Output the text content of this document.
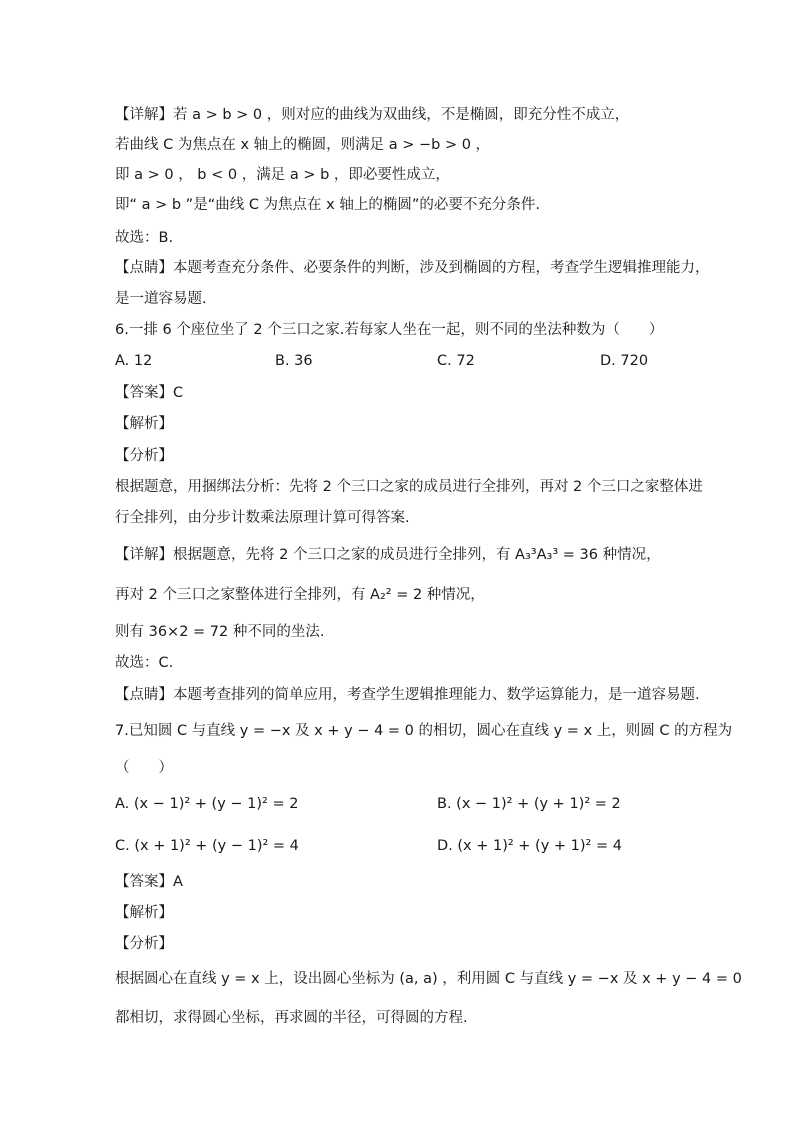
【详解】若 a > b > 0 ，则对应的曲线为双曲线，不是椭圆，即充分性不成立，
若曲线 C 为焦点在 x 轴上的椭圆，则满足 a > −b > 0 ，
即 a > 0 ， b < 0 ，满足 a > b ，即必要性成立，
即“ a > b ”是“曲线 C 为焦点在 x 轴上的椭圆”的必要不充分条件.
故选：B.
【点睛】本题考查充分条件、必要条件的判断，涉及到椭圆的方程，考查学生逻辑推理能力，
是一道容易题.
6.一排 6 个座位坐了 2 个三口之家.若每家人坐在一起，则不同的坐法种数为（　　）
A. 12	B. 36	C. 72	D. 720
【答案】C
【解析】
【分析】
根据题意，用捆绑法分析：先将 2 个三口之家的成员进行全排列，再对 2 个三口之家整体进
行全排列，由分步计数乘法原理计算可得答案.
【详解】根据题意，先将 2 个三口之家的成员进行全排列，有 A₃³A₃³ = 36 种情况，
再对 2 个三口之家整体进行全排列，有 A₂² = 2 种情况，
则有 36×2 = 72 种不同的坐法.
故选：C.
【点睛】本题考查排列的简单应用，考查学生逻辑推理能力、数学运算能力，是一道容易题.
7.已知圆 C 与直线 y = −x 及 x + y − 4 = 0 的相切，圆心在直线 y = x 上，则圆 C 的方程为
（　　）
A. (x − 1)² + (y − 1)² = 2	B. (x − 1)² + (y + 1)² = 2
C. (x + 1)² + (y − 1)² = 4	D. (x + 1)² + (y + 1)² = 4
【答案】A
【解析】
【分析】
根据圆心在直线 y = x 上，设出圆心坐标为 (a, a) ，利用圆 C 与直线 y = −x 及 x + y − 4 = 0
都相切，求得圆心坐标，再求圆的半径，可得圆的方程.
